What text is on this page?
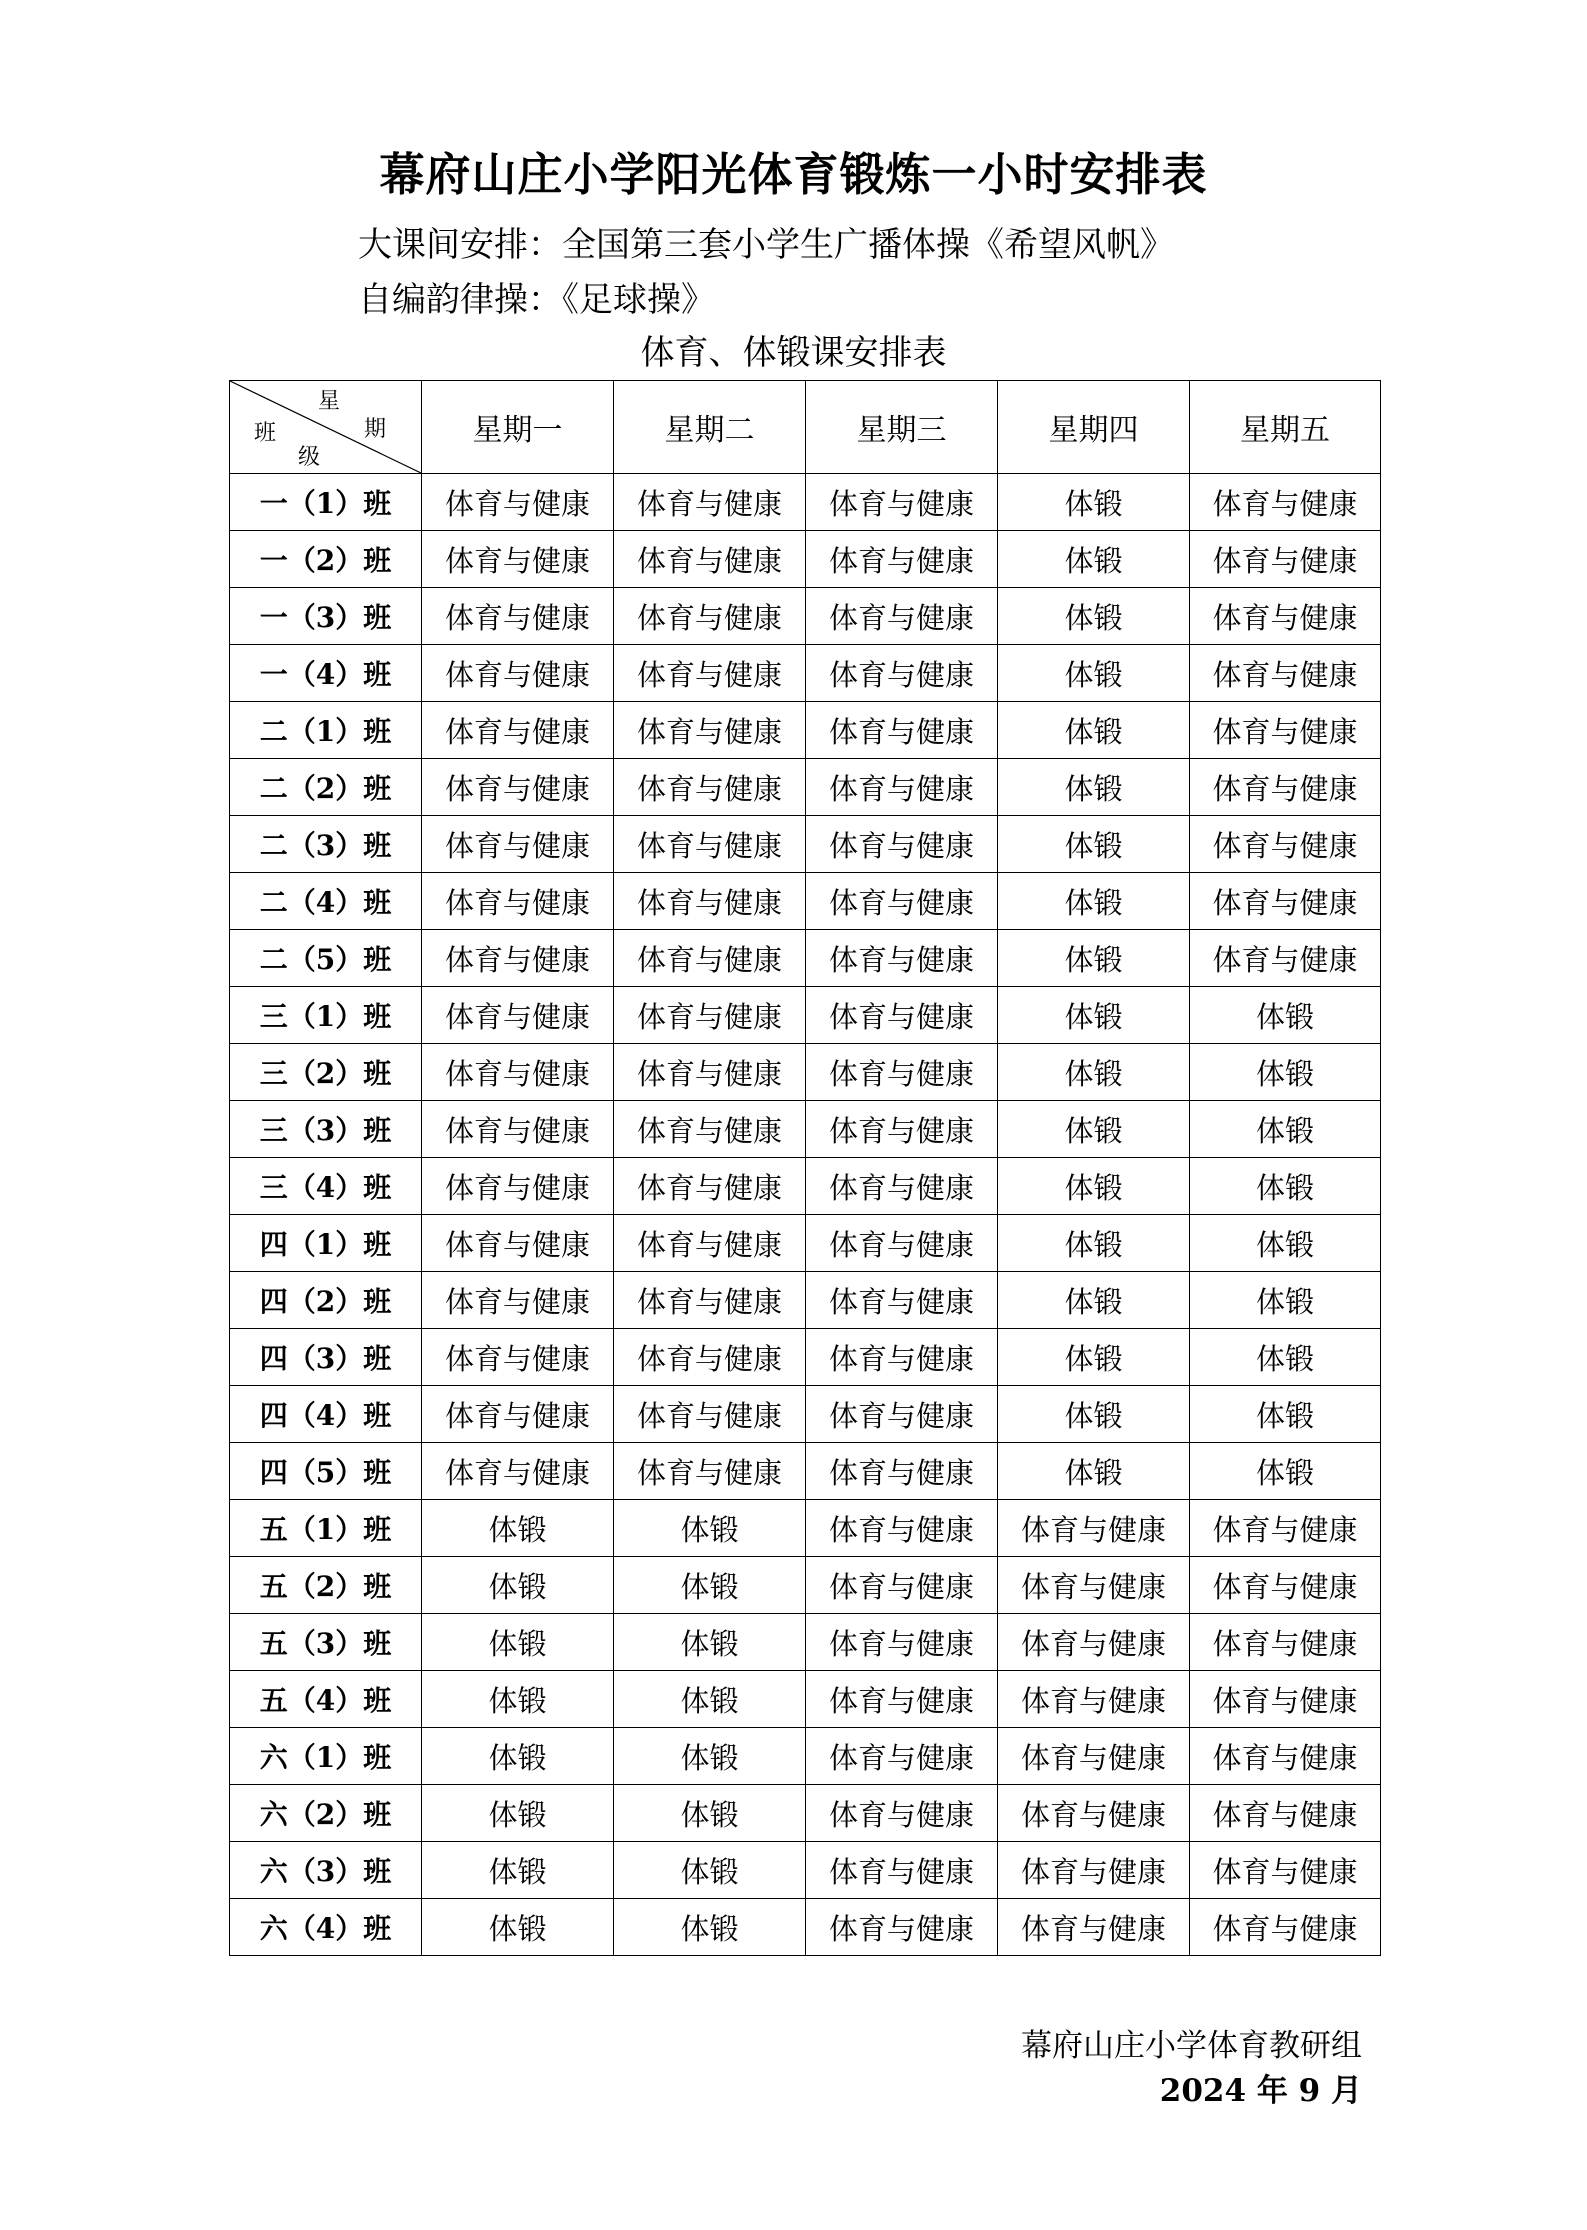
幕府山庄小学阳光体育锻炼一小时安排表
大课间安排：全国第三套小学生广播体操《希望风帆》
自编韵律操：《足球操》
体育、体锻课安排表
星
期
班
级	星期一	星期二	星期三	星期四	星期五
一（1）班	体育与健康	体育与健康	体育与健康	体锻	体育与健康
一（2）班	体育与健康	体育与健康	体育与健康	体锻	体育与健康
一（3）班	体育与健康	体育与健康	体育与健康	体锻	体育与健康
一（4）班	体育与健康	体育与健康	体育与健康	体锻	体育与健康
二（1）班	体育与健康	体育与健康	体育与健康	体锻	体育与健康
二（2）班	体育与健康	体育与健康	体育与健康	体锻	体育与健康
二（3）班	体育与健康	体育与健康	体育与健康	体锻	体育与健康
二（4）班	体育与健康	体育与健康	体育与健康	体锻	体育与健康
二（5）班	体育与健康	体育与健康	体育与健康	体锻	体育与健康
三（1）班	体育与健康	体育与健康	体育与健康	体锻	体锻
三（2）班	体育与健康	体育与健康	体育与健康	体锻	体锻
三（3）班	体育与健康	体育与健康	体育与健康	体锻	体锻
三（4）班	体育与健康	体育与健康	体育与健康	体锻	体锻
四（1）班	体育与健康	体育与健康	体育与健康	体锻	体锻
四（2）班	体育与健康	体育与健康	体育与健康	体锻	体锻
四（3）班	体育与健康	体育与健康	体育与健康	体锻	体锻
四（4）班	体育与健康	体育与健康	体育与健康	体锻	体锻
四（5）班	体育与健康	体育与健康	体育与健康	体锻	体锻
五（1）班	体锻	体锻	体育与健康	体育与健康	体育与健康
五（2）班	体锻	体锻	体育与健康	体育与健康	体育与健康
五（3）班	体锻	体锻	体育与健康	体育与健康	体育与健康
五（4）班	体锻	体锻	体育与健康	体育与健康	体育与健康
六（1）班	体锻	体锻	体育与健康	体育与健康	体育与健康
六（2）班	体锻	体锻	体育与健康	体育与健康	体育与健康
六（3）班	体锻	体锻	体育与健康	体育与健康	体育与健康
六（4）班	体锻	体锻	体育与健康	体育与健康	体育与健康
幕府山庄小学体育教研组
2024 年 9 月
